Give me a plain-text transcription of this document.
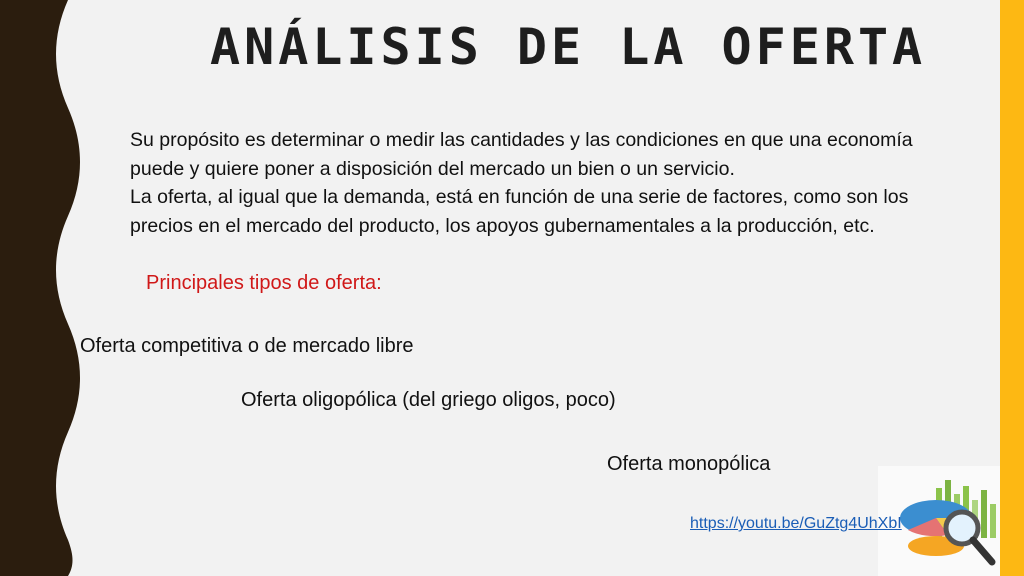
ANÁLISIS DE LA OFERTA

Su propósito es determinar o medir las cantidades y las condiciones en que una economía puede y quiere poner a disposición del mercado un bien o un servicio.

La oferta, al igual que la demanda, está en función de una serie de factores, como son los precios en el mercado del producto, los apoyos gubernamentales a la producción, etc.

Principales tipos de oferta:
Oferta competitiva o de mercado libre
Oferta oligopólica (del griego oligos, poco)
Oferta monopólica
https://youtu.be/GuZtg4UhXbI
